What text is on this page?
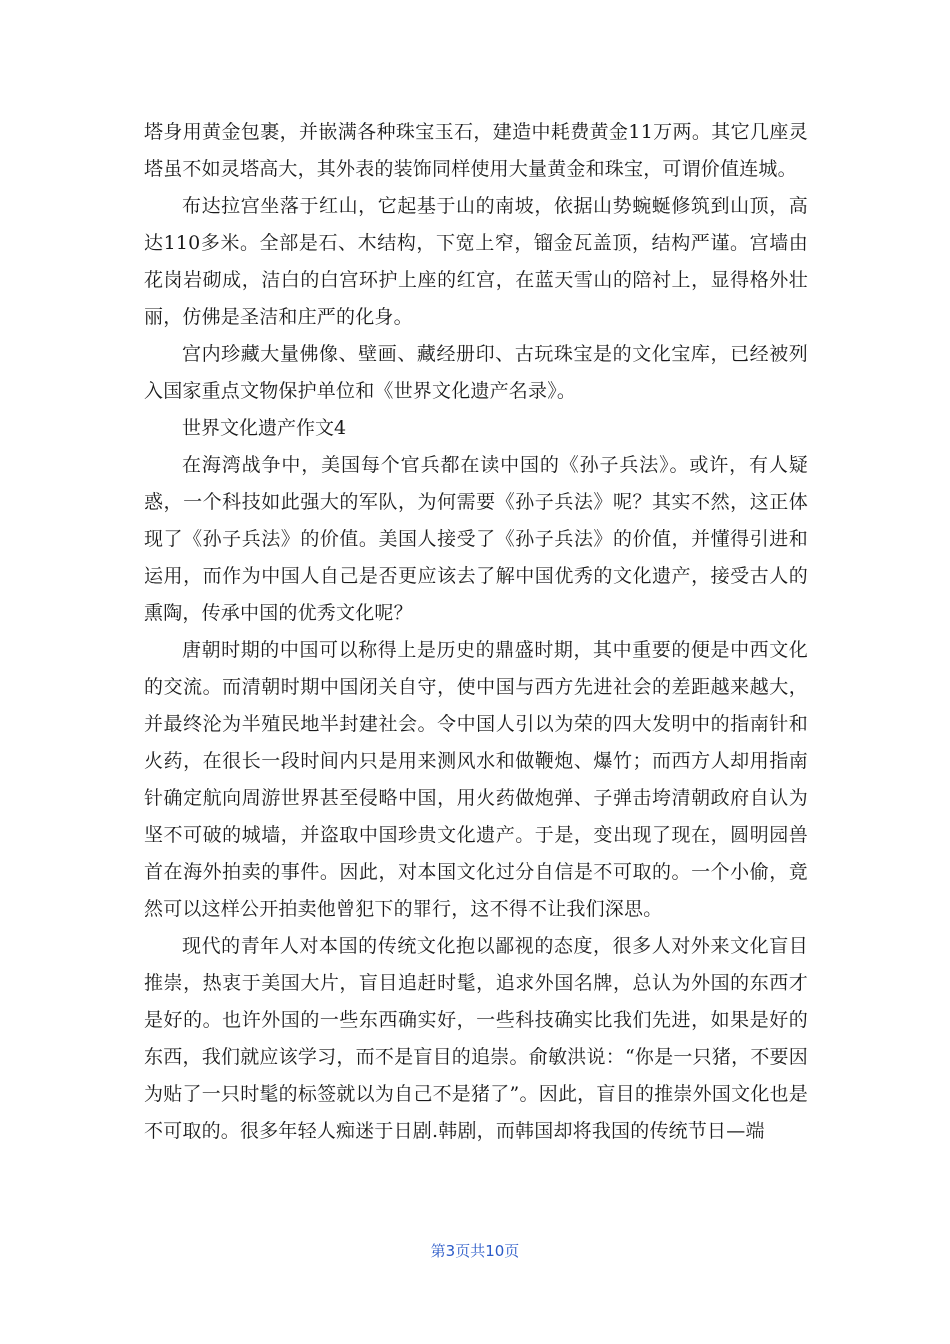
塔身用黄金包裹，并嵌满各种珠宝玉石，建造中耗费黄金11万两。其它几座灵塔虽不如灵塔高大，其外表的装饰同样使用大量黄金和珠宝，可谓价值连城。

布达拉宫坐落于红山，它起基于山的南坡，依据山势蜿蜒修筑到山顶，高达110多米。全部是石、木结构，下宽上窄，镏金瓦盖顶，结构严谨。宫墙由花岗岩砌成，洁白的白宫环护上座的红宫，在蓝天雪山的陪衬上，显得格外壮丽，仿佛是圣洁和庄严的化身。

宫内珍藏大量佛像、壁画、藏经册印、古玩珠宝是的文化宝库，已经被列入国家重点文物保护单位和《世界文化遗产名录》。

世界文化遗产作文4

在海湾战争中，美国每个官兵都在读中国的《孙子兵法》。或许，有人疑惑，一个科技如此强大的军队，为何需要《孙子兵法》呢？其实不然，这正体现了《孙子兵法》的价值。美国人接受了《孙子兵法》的价值，并懂得引进和运用，而作为中国人自己是否更应该去了解中国优秀的文化遗产，接受古人的熏陶，传承中国的优秀文化呢？

唐朝时期的中国可以称得上是历史的鼎盛时期，其中重要的便是中西文化的交流。而清朝时期中国闭关自守，使中国与西方先进社会的差距越来越大，并最终沦为半殖民地半封建社会。令中国人引以为荣的四大发明中的指南针和火药，在很长一段时间内只是用来测风水和做鞭炮、爆竹；而西方人却用指南针确定航向周游世界甚至侵略中国，用火药做炮弹、子弹击垮清朝政府自认为坚不可破的城墙，并盗取中国珍贵文化遗产。于是，变出现了现在，圆明园兽首在海外拍卖的事件。因此，对本国文化过分自信是不可取的。一个小偷，竟然可以这样公开拍卖他曾犯下的罪行，这不得不让我们深思。

现代的青年人对本国的传统文化抱以鄙视的态度，很多人对外来文化盲目推崇，热衷于美国大片，盲目追赶时髦，追求外国名牌，总认为外国的东西才是好的。也许外国的一些东西确实好，一些科技确实比我们先进，如果是好的东西，我们就应该学习，而不是盲目的追崇。俞敏洪说：“你是一只猪，不要因为贴了一只时髦的标签就以为自己不是猪了”。因此，盲目的推崇外国文化也是不可取的。很多年轻人痴迷于日剧.韩剧，而韩国却将我国的传统节日—端

第3页共10页
